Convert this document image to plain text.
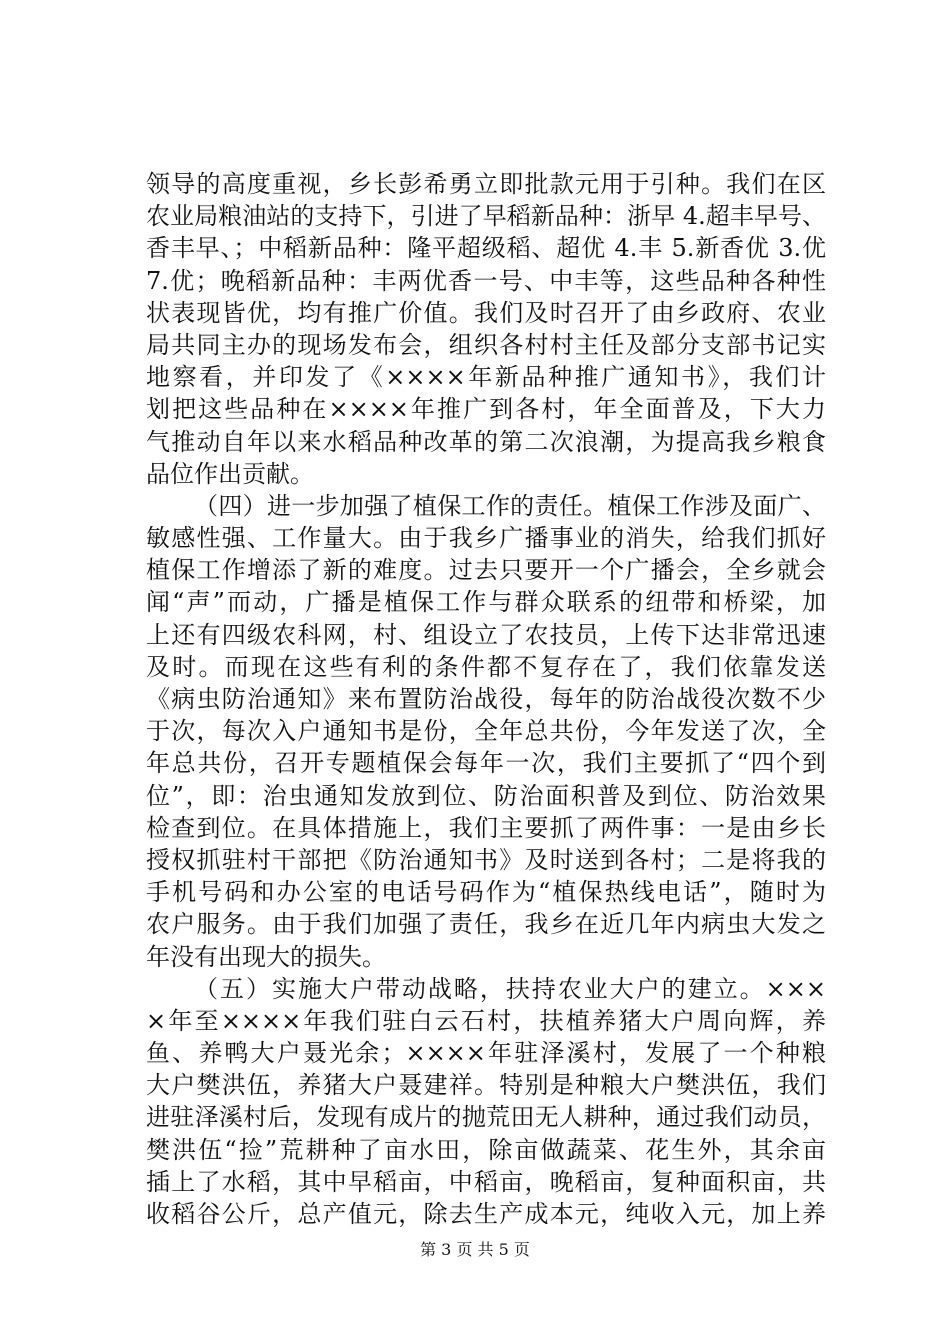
领导的高度重视，乡长彭希勇立即批款元用于引种。我们在区
农业局粮油站的支持下，引进了早稻新品种：浙早 4.超丰早号、
香丰早、；中稻新品种：隆平超级稻、超优 4.丰 5.新香优 3.优
7.优；晚稻新品种：丰两优香一号、中丰等，这些品种各种性
状表现皆优，均有推广价值。我们及时召开了由乡政府、农业
局共同主办的现场发布会，组织各村村主任及部分支部书记实
地察看，并印发了《××××年新品种推广通知书》，我们计
划把这些品种在××××年推广到各村，年全面普及，下大力
气推动自年以来水稻品种改革的第二次浪潮，为提高我乡粮食
品位作出贡献。
（四）进一步加强了植保工作的责任。植保工作涉及面广、
敏感性强、工作量大。由于我乡广播事业的消失，给我们抓好
植保工作增添了新的难度。过去只要开一个广播会，全乡就会
闻“声”而动，广播是植保工作与群众联系的纽带和桥梁，加
上还有四级农科网，村、组设立了农技员，上传下达非常迅速
及时。而现在这些有利的条件都不复存在了，我们依靠发送
《病虫防治通知》来布置防治战役，每年的防治战役次数不少
于次，每次入户通知书是份，全年总共份，今年发送了次，全
年总共份，召开专题植保会每年一次，我们主要抓了“四个到
位”，即：治虫通知发放到位、防治面积普及到位、防治效果
检查到位。在具体措施上，我们主要抓了两件事：一是由乡长
授权抓驻村干部把《防治通知书》及时送到各村；二是将我的
手机号码和办公室的电话号码作为“植保热线电话”，随时为
农户服务。由于我们加强了责任，我乡在近几年内病虫大发之
年没有出现大的损失。
（五）实施大户带动战略，扶持农业大户的建立。×××
×年至××××年我们驻白云石村，扶植养猪大户周向辉，养
鱼、养鸭大户聂光余；××××年驻泽溪村，发展了一个种粮
大户樊洪伍，养猪大户聂建祥。特别是种粮大户樊洪伍，我们
进驻泽溪村后，发现有成片的抛荒田无人耕种，通过我们动员，
樊洪伍“捡”荒耕种了亩水田，除亩做蔬菜、花生外，其余亩
插上了水稻，其中早稻亩，中稻亩，晚稻亩，复种面积亩，共
收稻谷公斤，总产值元，除去生产成本元，纯收入元，加上养
第 3 页 共 5 页
